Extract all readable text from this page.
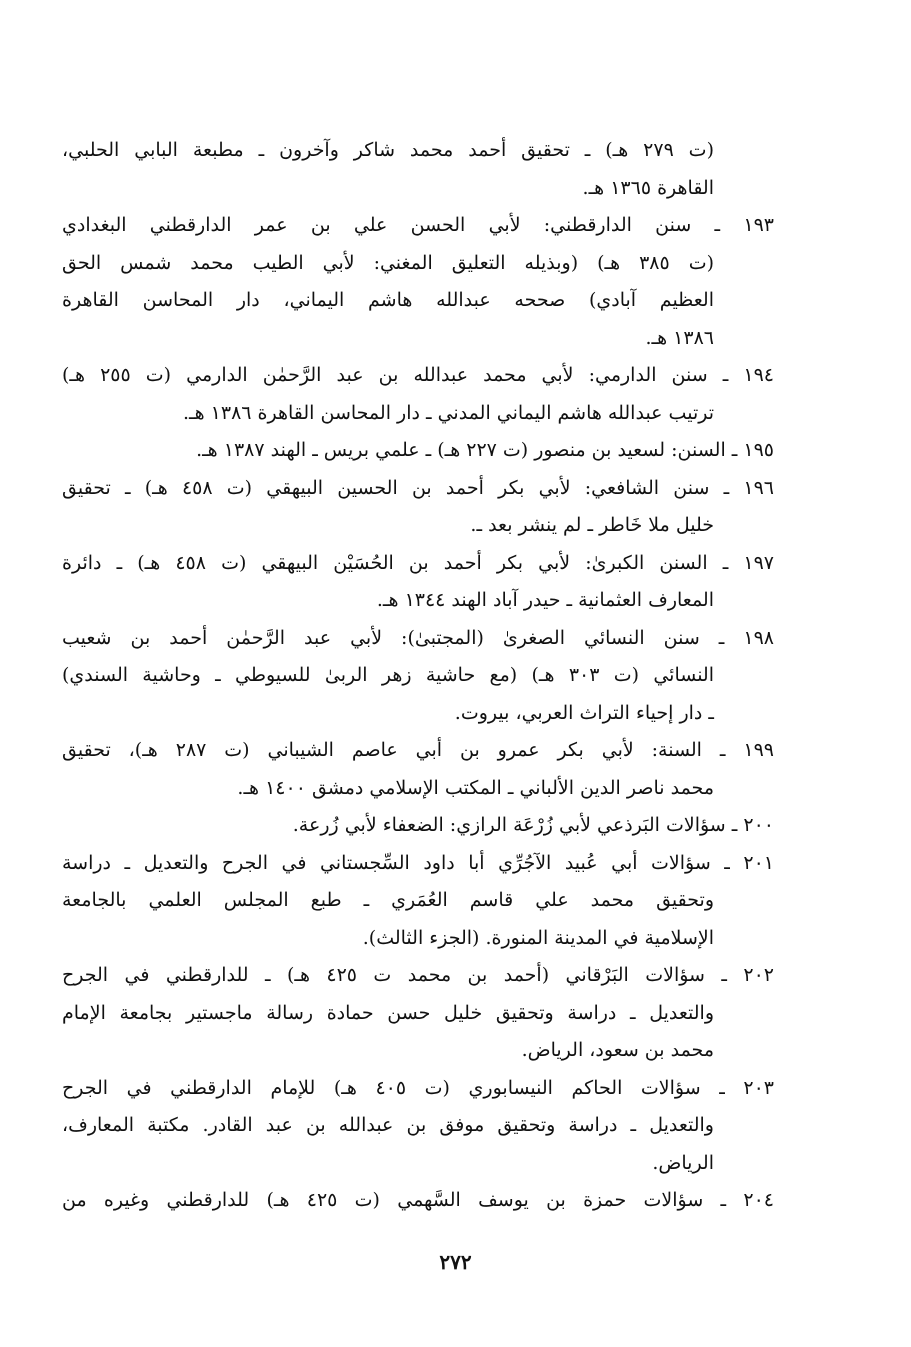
(ت ٢٧٩ هـ) ـ تحقيق أحمد محمد شاكر وآخرون ـ مطبعة البابي الحلبي،
القاهرة ١٣٦٥ هـ.
١٩٣ ـ سنن الدارقطني: لأبي الحسن علي بن عمر الدارقطني البغدادي
(ت ٣٨٥ هـ) (وبذيله التعليق المغني: لأبي الطيب محمد شمس الحق
العظيم آبادي) صححه عبدالله هاشم اليماني، دار المحاسن القاهرة
١٣٨٦ هـ.
١٩٤ ـ سنن الدارمي: لأبي محمد عبدالله بن عبد الرَّحمٰن الدارمي (ت ٢٥٥ هـ)
ترتيب عبدالله هاشم اليماني المدني ـ دار المحاسن القاهرة ١٣٨٦ هـ.
١٩٥ ـ السنن: لسعيد بن منصور (ت ٢٢٧ هـ) ـ علمي بريس ـ الهند ١٣٨٧ هـ.
١٩٦ ـ سنن الشافعي: لأبي بكر أحمد بن الحسين البيهقي (ت ٤٥٨ هـ) ـ تحقيق
خليل ملا خَاطر ـ لم ينشر بعد ـ.
١٩٧ ـ السنن الكبرىٰ: لأبي بكر أحمد بن الحُسَيْن البيهقي (ت ٤٥٨ هـ) ـ دائرة
المعارف العثمانية ـ حيدر آباد الهند ١٣٤٤ هـ.
١٩٨ ـ سنن النسائي الصغرىٰ (المجتبىٰ): لأبي عبد الرَّحمٰن أحمد بن شعيب
النسائي (ت ٣٠٣ هـ) (مع حاشية زهر الربىٰ للسيوطي ـ وحاشية السندي)
ـ دار إحياء التراث العربي، بيروت.
١٩٩ ـ السنة: لأبي بكر عمرو بن أبي عاصم الشيباني (ت ٢٨٧ هـ)، تحقيق
محمد ناصر الدين الألباني ـ المكتب الإسلامي دمشق ١٤٠٠ هـ.
٢٠٠ ـ سؤالات البَرذعي لأبي زُرْعَة الرازي: الضعفاء لأبي زُرعة.
٢٠١ ـ سؤالات أبي عُبيد الآجُرِّي أبا داود السِّجستاني في الجرح والتعديل ـ دراسة
وتحقيق محمد علي قاسم العُمَري ـ طبع المجلس العلمي بالجامعة
الإسلامية في المدينة المنورة. (الجزء الثالث).
٢٠٢ ـ سؤالات البَرْقاني (أحمد بن محمد ت ٤٢٥ هـ) ـ للدارقطني في الجرح
والتعديل ـ دراسة وتحقيق خليل حسن حمادة رسالة ماجستير بجامعة الإمام
محمد بن سعود، الرياض.
٢٠٣ ـ سؤالات الحاكم النيسابوري (ت ٤٠٥ هـ) للإمام الدارقطني في الجرح
والتعديل ـ دراسة وتحقيق موفق بن عبدالله بن عبد القادر. مكتبة المعارف،
الرياض.
٢٠٤ ـ سؤالات حمزة بن يوسف السَّهمي (ت ٤٢٥ هـ) للدارقطني وغيره من
٢٧٢
